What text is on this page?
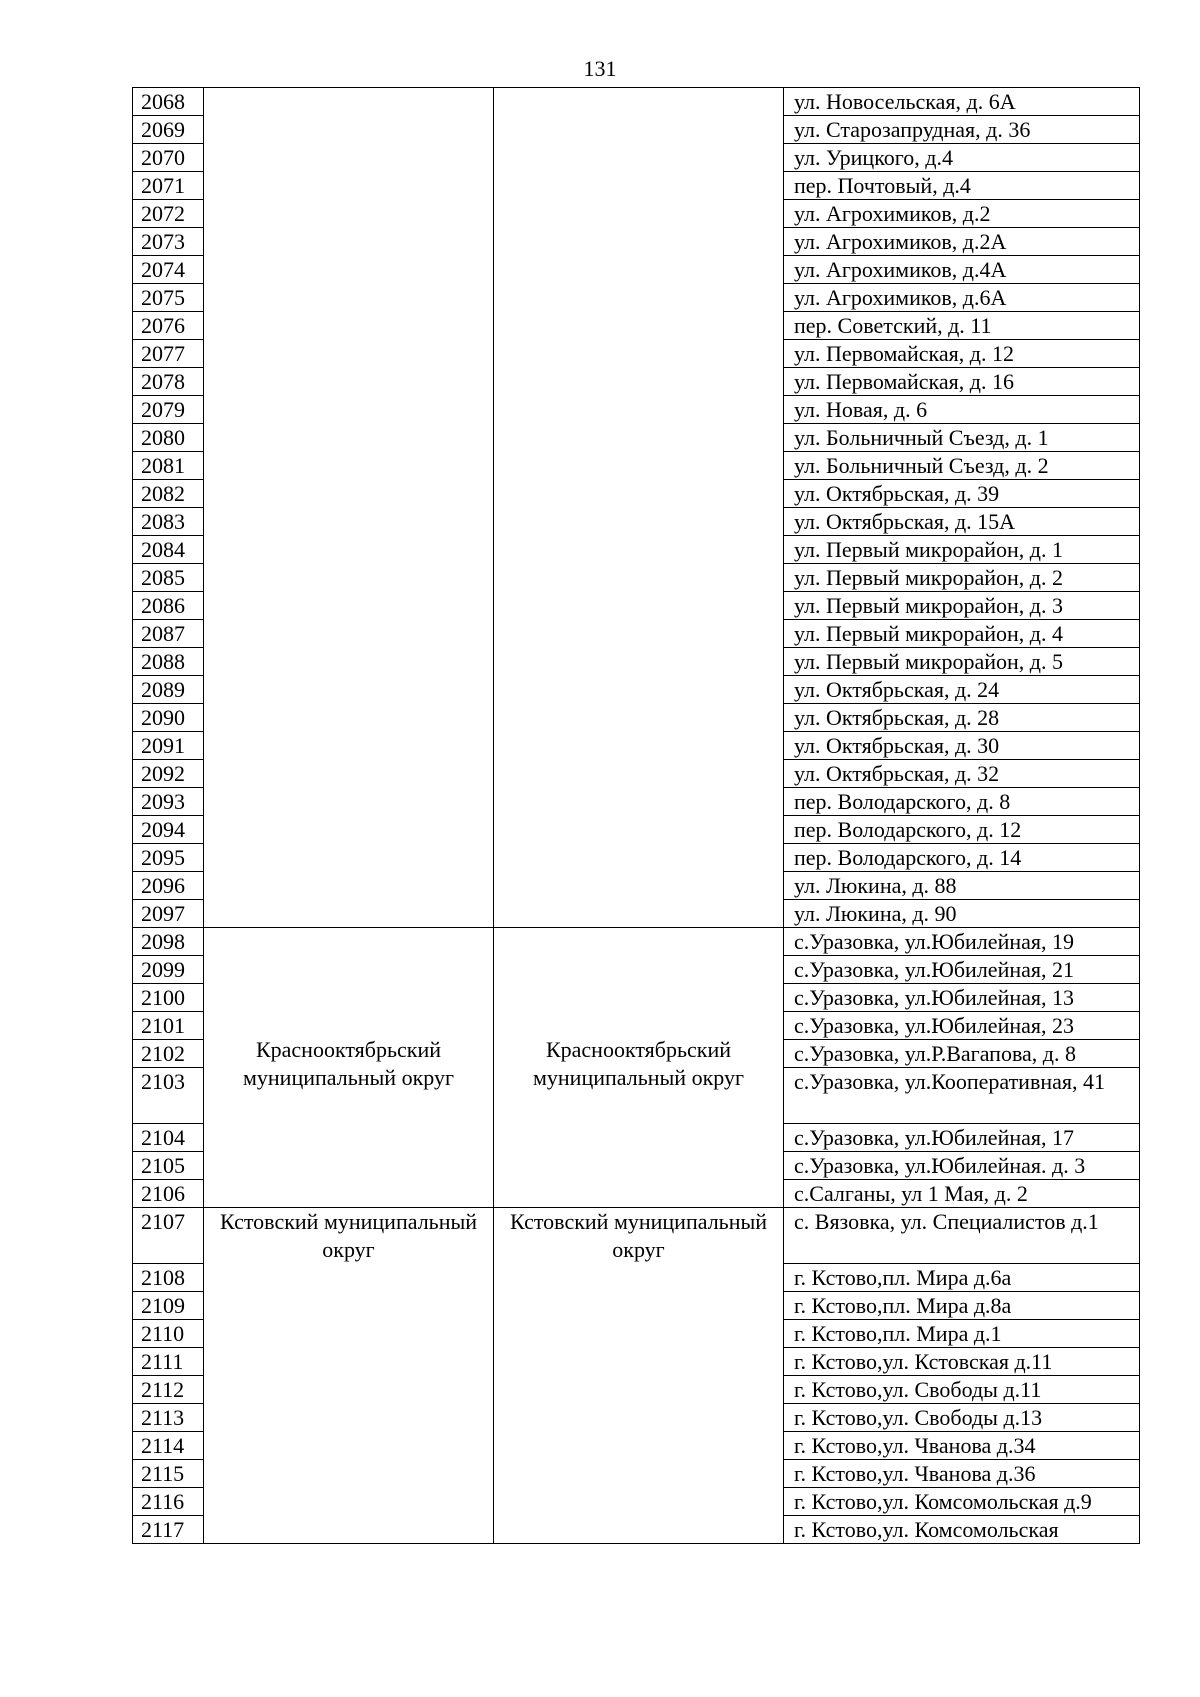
131
2068			ул. Новосельская, д. 6А
2069			ул. Старозапрудная, д. 36
2070			ул. Урицкого, д.4
2071			пер. Почтовый, д.4
2072			ул. Агрохимиков, д.2
2073			ул. Агрохимиков, д.2А
2074			ул. Агрохимиков, д.4А
2075			ул. Агрохимиков, д.6А
2076			пер. Советский, д. 11
2077			ул. Первомайская, д. 12
2078			ул. Первомайская, д. 16
2079			ул. Новая, д. 6
2080			ул. Больничный Съезд, д. 1
2081			ул. Больничный Съезд, д. 2
2082			ул. Октябрьская, д. 39
2083			ул. Октябрьская, д. 15А
2084			ул. Первый микрорайон, д. 1
2085			ул. Первый микрорайон, д. 2
2086			ул. Первый микрорайон, д. 3
2087			ул. Первый микрорайон, д. 4
2088			ул. Первый микрорайон, д. 5
2089			ул. Октябрьская, д. 24
2090			ул. Октябрьская, д. 28
2091			ул. Октябрьская, д. 30
2092			ул. Октябрьская, д. 32
2093			пер. Володарского, д. 8
2094			пер. Володарского, д. 12
2095			пер. Володарского, д. 14
2096			ул. Люкина, д. 88
2097			ул. Люкина, д. 90
2098	Краснооктябрьский муниципальный округ	Краснооктябрьский муниципальный округ	с.Уразовка, ул.Юбилейная, 19
2099			с.Уразовка, ул.Юбилейная, 21
2100			с.Уразовка, ул.Юбилейная, 13
2101			с.Уразовка, ул.Юбилейная, 23
2102			с.Уразовка, ул.Р.Вагапова, д. 8
2103			с.Уразовка, ул.Кооперативная, 41
2104			с.Уразовка, ул.Юбилейная, 17
2105			с.Уразовка, ул.Юбилейная. д. 3
2106			с.Салганы, ул 1 Мая, д. 2
2107	Кстовский муниципальный округ	Кстовский муниципальный округ	с. Вязовка, ул. Специалистов д.1
2108			г. Кстово,пл. Мира д.6а
2109			г. Кстово,пл. Мира д.8а
2110			г. Кстово,пл. Мира д.1
2111			г. Кстово,ул. Кстовская д.11
2112			г. Кстово,ул. Свободы д.11
2113			г. Кстово,ул. Свободы д.13
2114			г. Кстово,ул. Чванова д.34
2115			г. Кстово,ул. Чванова д.36
2116			г. Кстово,ул. Комсомольская д.9
2117			г. Кстово,ул. Комсомольская
